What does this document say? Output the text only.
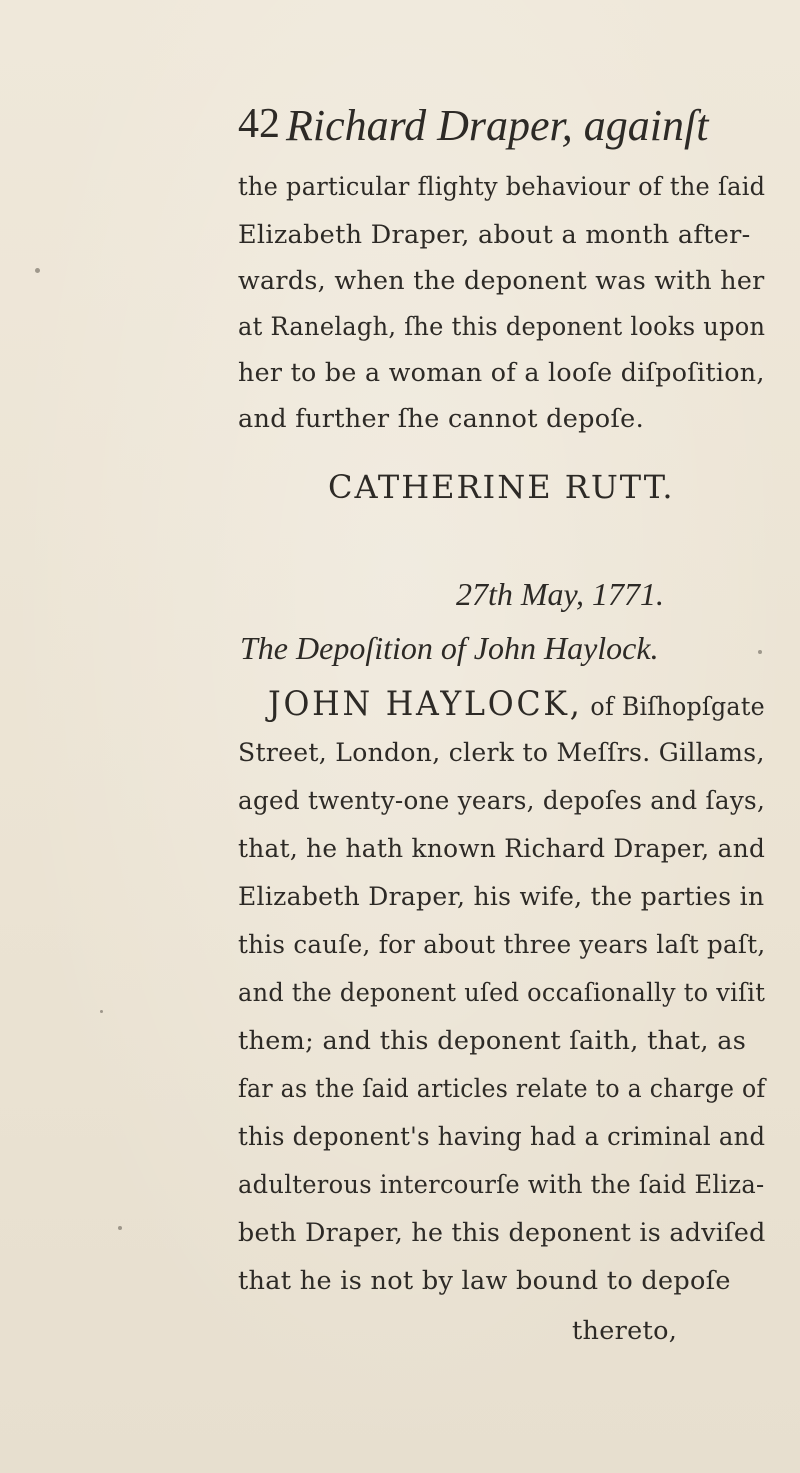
42 Richard Draper, againſt
the particular flighty behaviour of the ſaid
Elizabeth Draper, about a month after-
wards, when the deponent was with her
at Ranelagh, ſhe this deponent looks upon
her to be a woman of a looſe diſpoſition,
and further ſhe cannot depoſe.
CATHERINE RUTT.
27th May, 1771.
The Depoſition of John Haylock.
JOHN HAYLOCK, of Biſhopſgate
Street, London, clerk to Meſſrs. Gillams,
aged twenty-one years, depoſes and ſays,
that, he hath known Richard Draper, and
Elizabeth Draper, his wife, the parties in
this cauſe, for about three years laſt paſt,
and the deponent uſed occaſionally to viſit
them; and this deponent ſaith, that, as
far as the ſaid articles relate to a charge of
this deponent's having had a criminal and
adulterous intercourſe with the ſaid Eliza-
beth Draper, he this deponent is adviſed
that he is not by law bound to depoſe
thereto,
